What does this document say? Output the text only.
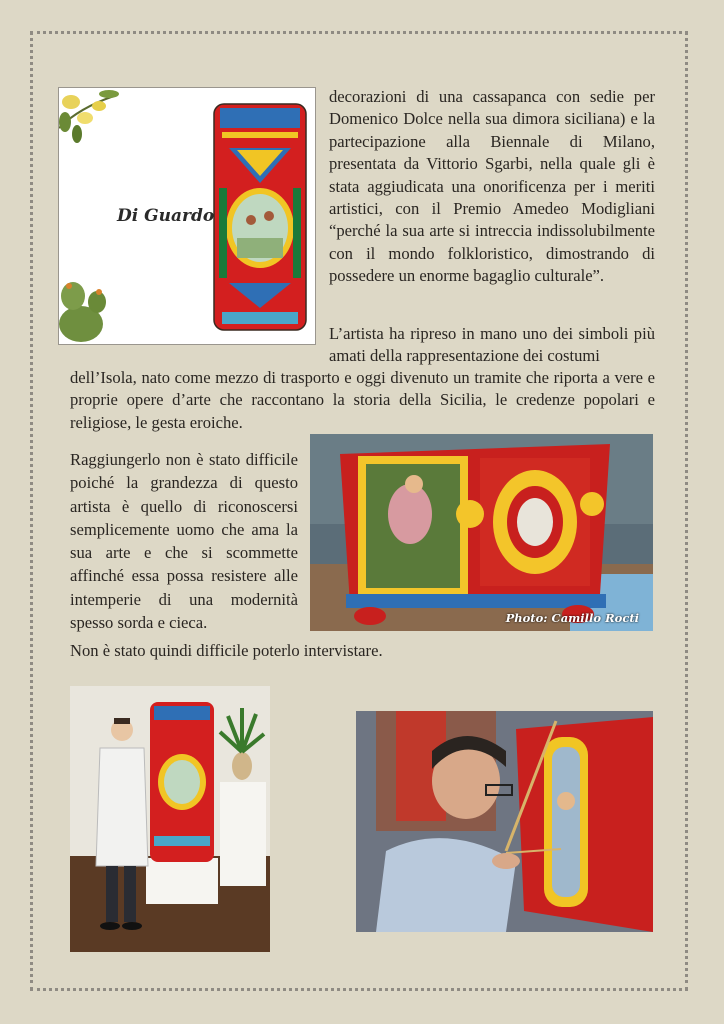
Di Guardo

decorazioni di una cassapanca con sedie per Domenico Dolce nella sua dimora siciliana) e la partecipazione alla Biennale di Milano, presentata da Vittorio Sgarbi, nella quale gli è stata aggiudicata una onorificenza per i meriti artistici, con il Premio Amedeo Modigliani “perché la sua arte si intreccia indissolubilmente con il mondo folkloristico, dimostrando di possedere un enorme bagaglio culturale”.

L’artista ha ripreso in mano uno dei simboli più amati della rappresentazione dei costumi

dell’Isola, nato come mezzo di trasporto e oggi divenuto un tramite che riporta a vere e proprie opere d’arte che raccontano la storia della Sicilia, le credenze popolari e religiose, le gesta eroiche.

Raggiungerlo non è stato difficile poiché la grandezza di questo artista è quello di riconoscersi semplicemente uomo che ama la sua arte e che si scommette affinché essa possa resistere alle intemperie di una modernità spesso sorda e cieca.

Non è stato quindi difficile poterlo intervistare.

Photo: Camillo Rocti
